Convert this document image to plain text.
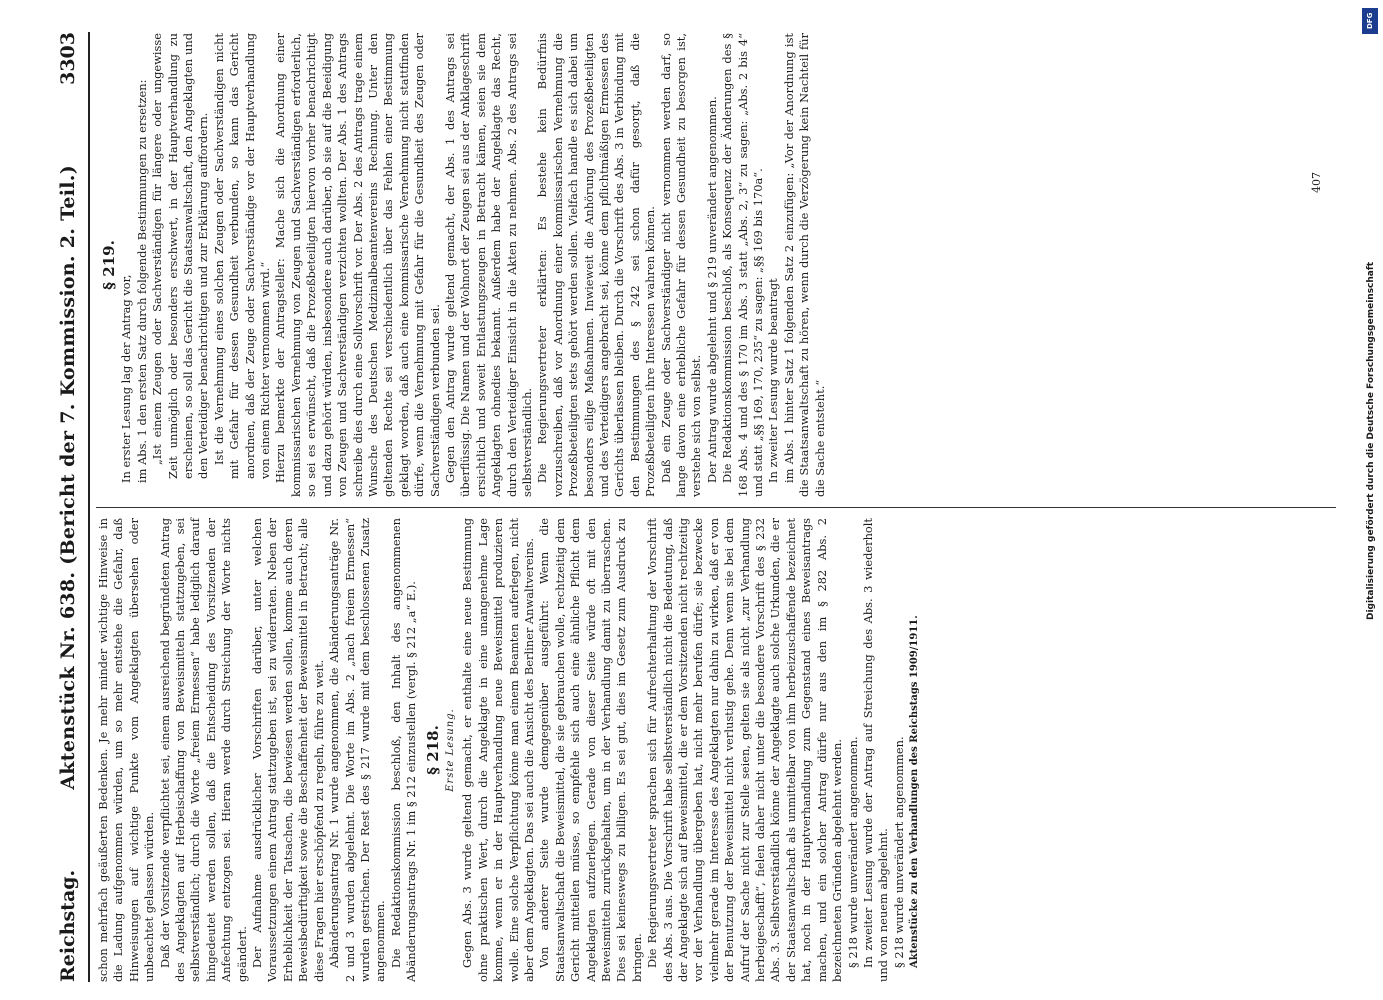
Reichstag.
Aktenstück Nr. 638. (Bericht der 7. Kommission. 2. Teil.)
3303

schon mehrfach geäußerten Bedenken. Je mehr minder wichtige Hinweise in die Ladung aufgenommen würden, um so mehr entstehe die Gefahr, daß Hinweisungen auf wichtige Punkte vom Angeklagten übersehen oder unbeachtet gelassen würden. Daß der Vorsitzende verpflichtet sei, einem ausreichend begründeten Antrag des Angeklagten auf Herbeischaffung von Beweismitteln stattzugeben, sei selbstverständlich; durch die Worte „freiem Ermessen“ habe lediglich darauf hingedeutet werden sollen, daß die Entscheidung des Vorsitzenden der Anfechtung entzogen sei. Hieran werde durch Streichung der Worte nichts geändert. Der Aufnahme ausdrücklicher Vorschriften darüber, unter welchen Voraussetzungen einem Antrag stattzugeben ist, sei zu widerraten. Neben der Erheblichkeit der Tatsachen, die bewiesen werden sollen, komme auch deren Beweisbedürftigkeit sowie die Beschaffenheit der Beweismittel in Betracht; alle diese Fragen hier erschöpfend zu regeln, führe zu weit. Abänderungsantrag Nr. 1 wurde angenommen, die Abänderungsanträge Nr. 2 und 3 wurden abgelehnt. Die Worte im Abs. 2 „nach freiem Ermessen“ wurden gestrichen. Der Rest des § 217 wurde mit dem beschlossenen Zusatz angenommen. Die Redaktionskommission beschloß, den Inhalt des angenommenen Abänderungsantrags Nr. 1 im § 212 einzustellen (vergl. § 212 „a“ E.). § 218. Erste Lesung. Gegen Abs. 3 wurde geltend gemacht, er enthalte eine neue Bestimmung ohne praktischen Wert, durch die Angeklagte in eine unangenehme Lage komme, wenn er in der Hauptverhandlung neue Beweismittel produzieren wolle. Eine solche Verpflichtung könne man einem Beamten auferlegen, nicht aber dem Angeklagten. Das sei auch die Ansicht des Berliner Anwaltvereins. Von anderer Seite wurde demgegenüber ausgeführt: Wenn die Staatsanwaltschaft die Beweismittel, die sie gebrauchen wolle, rechtzeitig dem Gericht mitteilen müsse, so empfehle sich auch eine ähnliche Pflicht dem Angeklagten aufzuerlegen. Gerade von dieser Seite würde oft mit den Beweismitteln zurückgehalten, um in der Verhandlung damit zu überraschen. Dies sei keineswegs zu billigen. Es sei gut, dies im Gesetz zum Ausdruck zu bringen. Die Regierungsvertreter sprachen sich für Aufrechterhaltung der Vorschrift des Abs. 3 aus. Die Vorschrift habe selbstverständlich nicht die Bedeutung, daß der Angeklagte sich auf Beweismittel, die er dem Vorsitzenden nicht rechtzeitig vor der Verhandlung übergeben hat, nicht mehr berufen dürfe; sie bezwecke vielmehr gerade im Interesse des Angeklagten nur dahin zu wirken, daß er von der Benutzung der Beweismittel nicht verlustig gehe. Denn wenn sie bei dem Aufruf der Sache nicht zur Stelle seien, gelten sie als nicht „zur Verhandlung herbeigeschafft“, fielen daher nicht unter die besondere Vorschrift des § 232 Abs. 3. Selbstverständlich könne der Angeklagte auch solche Urkunden, die er der Staatsanwaltschaft als unmittelbar von ihm herbeizuschaffende bezeichnet hat, noch in der Hauptverhandlung zum Gegenstand eines Beweisantrags machen, und ein solcher Antrag dürfe nur aus den im § 282 Abs. 2 bezeichneten Gründen abgelehnt werden. § 218 wurde unverändert angenommen. In zweiter Lesung wurde der Antrag auf Streichung des Abs. 3 wiederholt und von neuem abgelehnt. § 218 wurde unverändert angenommen. Aktenstücke zu den Verhandlungen des Reichstags 1909/1911.

§ 219.

In erster Lesung lag der Antrag vor, im Abs. 1 den ersten Satz durch folgende Bestimmungen zu ersetzen: „Ist einem Zeugen oder Sachverständigen für längere oder ungewisse Zeit unmöglich oder besonders erschwert, in der Hauptverhandlung zu erscheinen, so soll das Gericht die Staatsanwaltschaft, den Angeklagten und den Verteidiger benachrichtigen und zur Erklärung auffordern. Ist die Vernehmung eines solchen Zeugen oder Sachverständigen nicht mit Gefahr für dessen Gesundheit verbunden, so kann das Gericht anordnen, daß der Zeuge oder Sachverständige vor der Hauptverhandlung von einem Richter vernommen wird.“ Hierzu bemerkte der Antragsteller: Mache sich die Anordnung einer kommissarischen Vernehmung von Zeugen und Sachverständigen erforderlich, so sei es erwünscht, daß die Prozeßbeteiligten hiervon vorher benachrichtigt und dazu gehört würden, insbesondere auch darüber, ob sie auf die Beeidigung von Zeugen und Sachverständigen verzichten wollten. Der Abs. 1 des Antrags schreibe dies durch eine Sollvorschrift vor. Der Abs. 2 des Antrags trage einem Wunsche des Deutschen Medizinalbeamtenvereins Rechnung. Unter den geltenden Rechte sei verschiedentlich über das Fehlen einer Bestimmung geklagt worden, daß auch eine kommissarische Vernehmung nicht stattfinden dürfe, wenn die Vernehmung mit Gefahr für die Gesundheit des Zeugen oder Sachverständigen verbunden sei. Gegen den Antrag wurde geltend gemacht, der Abs. 1 des Antrags sei überflüssig. Die Namen und der Wohnort der Zeugen sei aus der Anklageschrift ersichtlich und soweit Entlastungszeugen in Betracht kämen, seien sie dem Angeklagten ohnedies bekannt. Außerdem habe der Angeklagte das Recht, durch den Verteidiger Einsicht in die Akten zu nehmen. Abs. 2 des Antrags sei selbstverständlich. Die Regierungsvertreter erklärten: Es bestehe kein Bedürfnis vorzuschreiben, daß vor Anordnung einer kommissarischen Vernehmung die Prozeßbeteiligten stets gehört werden sollen. Vielfach handle es sich dabei um besonders eilige Maßnahmen. Inwieweit die Anhörung des Prozeßbeteiligten und des Verteidigers angebracht sei, könne dem pflichtmäßigen Ermessen des Gerichts überlassen bleiben. Durch die Vorschrift des Abs. 3 in Verbindung mit den Bestimmungen des § 242 sei schon dafür gesorgt, daß die Prozeßbeteiligten ihre Interessen wahren können. Daß ein Zeuge oder Sachverständiger nicht vernommen werden darf, so lange davon eine erhebliche Gefahr für dessen Gesundheit zu besorgen ist, verstehe sich von selbst. Der Antrag wurde abgelehnt und § 219 unverändert angenommen. Die Redaktionskommission beschloß, als Konsequenz der Änderungen des § 168 Abs. 4 und des § 170 im Abs. 3 statt „Abs. 2, 3“ zu sagen: „Abs. 2 bis 4“ und statt „§§ 169, 170, 235“ zu sagen: „§§ 169 bis 170a“. In zweiter Lesung wurde beantragt im Abs. 1 hinter Satz 1 folgenden Satz 2 einzufügen: „Vor der Anordnung ist die Staatsanwaltschaft zu hören, wenn durch die Verzögerung kein Nachteil für die Sache entsteht.“

407
DFG
Digitalisierung gefördert durch die Deutsche Forschungsgemeinschaft
